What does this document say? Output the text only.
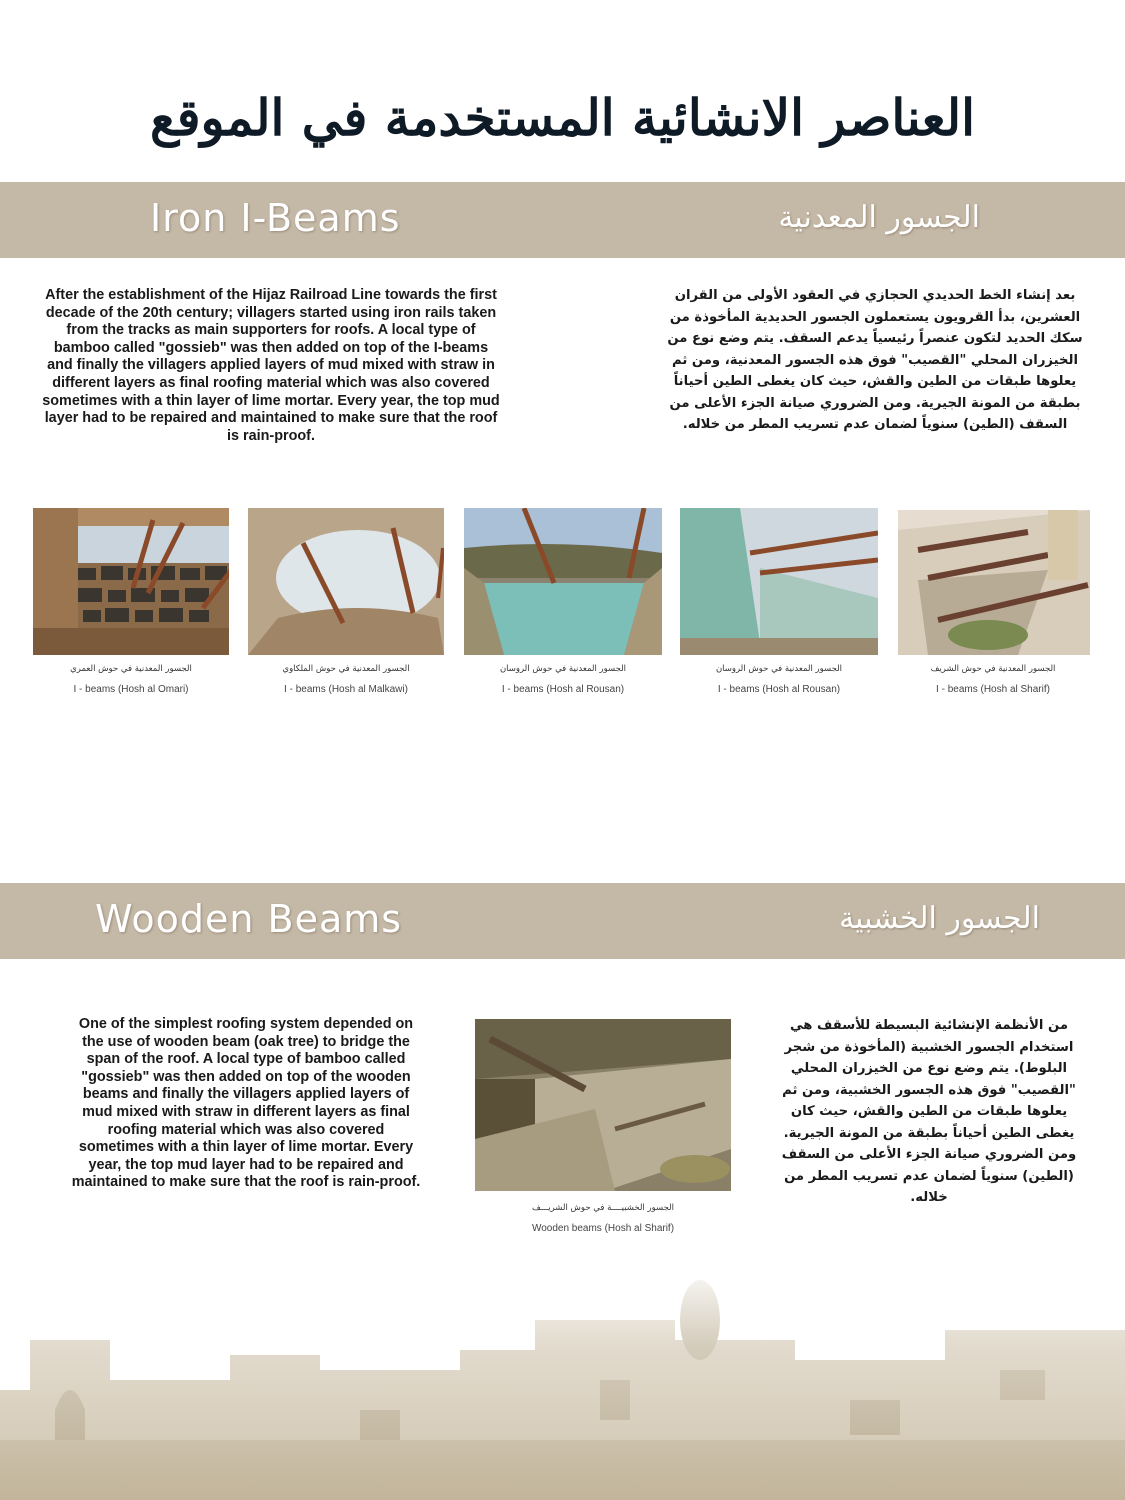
العناصر الانشائية المستخدمة في الموقع
Iron I-Beams	الجسور المعدنية
After the establishment of the Hijaz Railroad Line towards the first decade of the 20th century; villagers started using iron rails taken from the tracks as main supporters for roofs. A local type of bamboo called "gossieb" was then added on top of the I-beams and finally the villagers applied layers of mud mixed with straw in different layers as final roofing material which was also covered sometimes with a thin layer of lime mortar. Every year, the top mud layer had to be repaired and maintained to make sure that the roof is rain-proof.
بعد إنشاء الخط الحديدي الحجازي في العقود الأولى من القران العشرين، بدأ القرويون يستعملون الجسور الحديدية المأخوذة من سكك الحديد لتكون عنصراً رئيسياً يدعم السقف. يتم وضع نوع من الخيزران المحلي "القصيب" فوق هذه الجسور المعدنية، ومن ثم يعلوها طبقات من الطين والقش، حيث كان يغطى الطين أحياناً بطبقة من المونة الجيرية. ومن الضروري صيانة الجزء الأعلى من السقف (الطين) سنوياً لضمان عدم تسريب المطر من خلاله.
الجسور المعدنية في حوش العمري
I - beams (Hosh al Omari)
الجسور المعدنية في حوش الملكاوي
I - beams (Hosh al Malkawi)
الجسور المعدنية في حوش الروسان
I - beams (Hosh al Rousan)
الجسور المعدنية في حوش الروسان
I - beams (Hosh al Rousan)
الجسور المعدنية في حوش الشريف
I - beams (Hosh al Sharif)
Wooden Beams	الجسور الخشبية
One of the simplest roofing system depended on the use of wooden beam (oak tree) to bridge the span of the roof. A local type of bamboo called "gossieb" was then added on top of the wooden beams and finally the villagers applied layers of mud mixed with straw in different layers as final roofing material which was also covered sometimes with a thin layer of lime mortar. Every year, the top mud layer had to be repaired and maintained to make sure that the roof is rain-proof.
الجسور الخشبيــــة في حوش الشريـــف
Wooden beams (Hosh al Sharif)
من الأنظمة الإنشائية البسيطة للأسقف هي استخدام الجسور الخشبية (المأخوذة من شجر البلوط). يتم وضع نوع من الخيزران المحلي "القصيب" فوق هذه الجسور الخشبية، ومن ثم يعلوها طبقات من الطين والقش، حيث كان يغطى الطين أحياناً بطبقة من المونة الجيرية. ومن الضروري صيانة الجزء الأعلى من السقف (الطين) سنوياً لضمان عدم تسريب المطر من خلاله.
